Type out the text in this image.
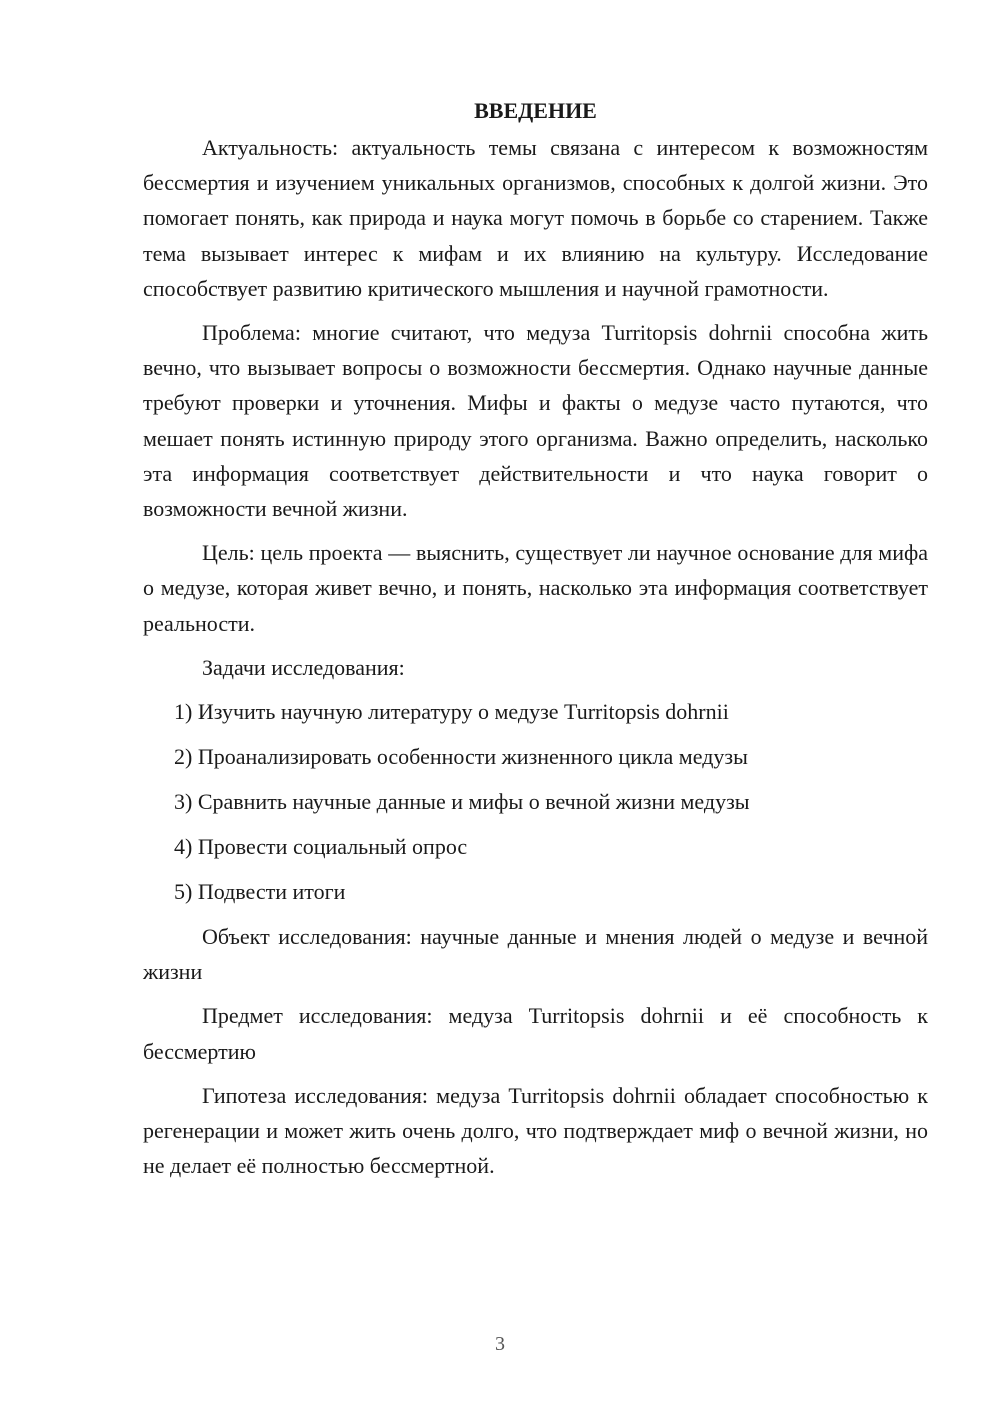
ВВЕДЕНИЕ

Актуальность: актуальность темы связана с интересом к возможностям бессмертия и изучением уникальных организмов, способных к долгой жизни. Это помогает понять, как природа и наука могут помочь в борьбе со старением. Также тема вызывает интерес к мифам и их влиянию на культуру. Исследование способствует развитию критического мышления и научной грамотности.

Проблема: многие считают, что медуза Turritopsis dohrnii способна жить вечно, что вызывает вопросы о возможности бессмертия. Однако научные данные требуют проверки и уточнения. Мифы и факты о медузе часто путаются, что мешает понять истинную природу этого организма. Важно определить, насколько эта информация соответствует действительности и что наука говорит о возможности вечной жизни.

Цель: цель проекта — выяснить, существует ли научное основание для мифа о медузе, которая живет вечно, и понять, насколько эта информация соответствует реальности.

Задачи исследования:

1) Изучить научную литературу о медузе Turritopsis dohrnii

2) Проанализировать особенности жизненного цикла медузы

3) Сравнить научные данные и мифы о вечной жизни медузы

4) Провести социальный опрос

5) Подвести итоги

Объект исследования: научные данные и мнения людей о медузе и вечной жизни

Предмет исследования: медуза Turritopsis dohrnii и её способность к бессмертию

Гипотеза исследования: медуза Turritopsis dohrnii обладает способностью к регенерации и может жить очень долго, что подтверждает миф о вечной жизни, но не делает её полностью бессмертной.

3
